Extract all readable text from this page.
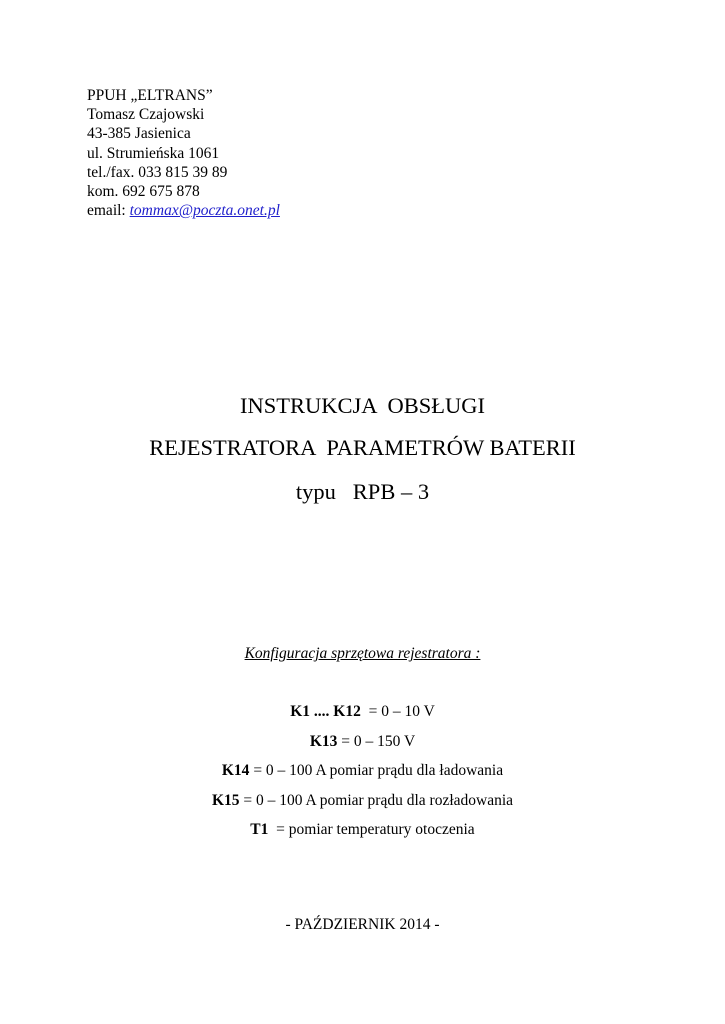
PPUH „ELTRANS”
Tomasz Czajowski
43-385 Jasienica
ul. Strumieńska 1061
tel./fax. 033 815 39 89
kom. 692 675 878
email: tommax@poczta.onet.pl
INSTRUKCJA  OBSŁUGI
REJESTRATORA  PARAMETRÓW BATERII
typu   RPB – 3
Konfiguracja sprzętowa rejestratora :
K1 .... K12  = 0 – 10 V
K13 = 0 – 150 V
K14 = 0 – 100 A pomiar prądu dla ładowania
K15 = 0 – 100 A pomiar prądu dla rozładowania
T1  = pomiar temperatury otoczenia
- PAŹDZIERNIK 2014 -
